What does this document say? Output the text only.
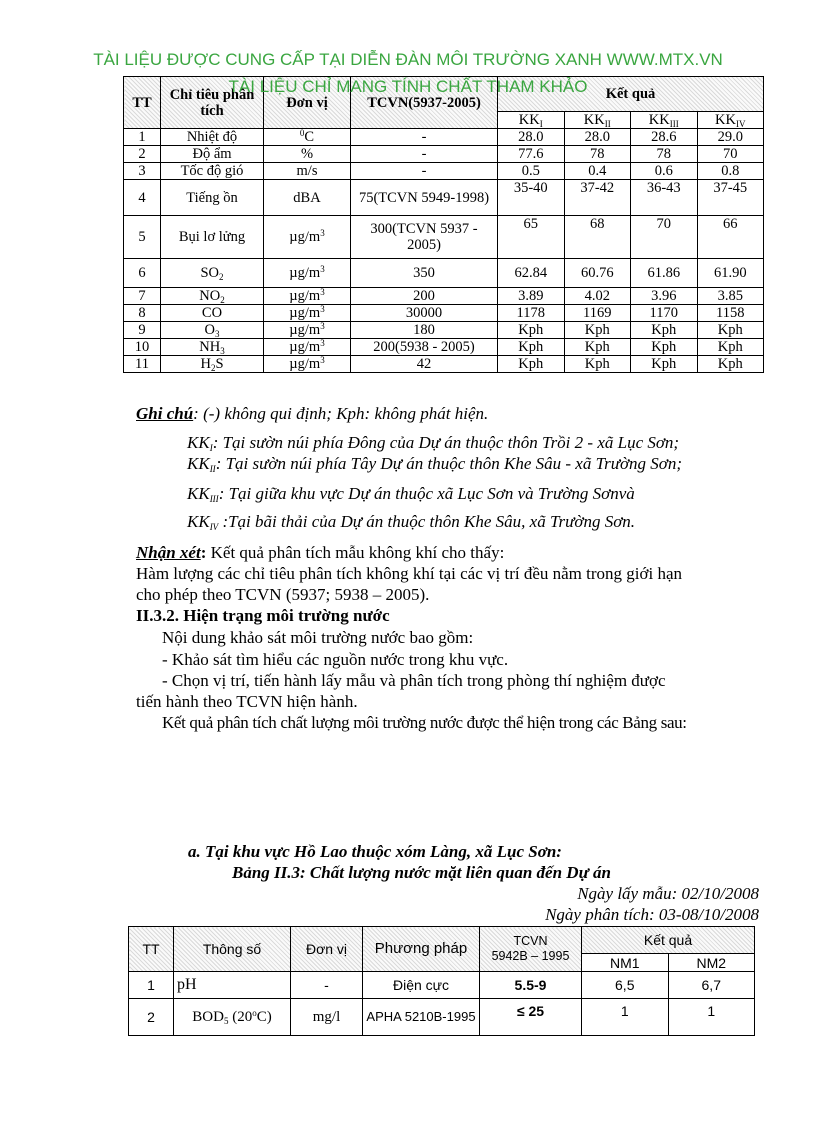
TÀI LIỆU ĐƯỢC CUNG CẤP TẠI DIỄN ĐÀN MÔI TRƯỜNG XANH WWW.MTX.VN
TÀI LIỆU CHỈ MANG TÍNH CHẤT THAM KHẢO
TT	Chỉ tiêu phân tích	Đơn vị	TCVN(5937-2005)	Kết quả			
				$KK_I$	$KK_{II}$	$KK_{III}$	$KK_{IV}$
1	Nhiệt độ	$^0$C	-	28.0	28.0	28.6	29.0
2	Độ ẩm	%	-	77.6	78	78	70
3	Tốc độ gió	m/s	-	0.5	0.4	0.6	0.8
4	Tiếng ồn	dBA	75(TCVN 5949-1998)	35-40	37-42	36-43	37-45
5	Bụi lơ lửng	$\mu g/m^3$	300(TCVN 5937 - 2005)	65	68	70	66
6	$SO_2$	$\mu g/m^3$	350	62.84	60.76	61.86	61.90
7	$NO_2$	$\mu g/m^3$	200	3.89	4.02	3.96	3.85
8	CO	$\mu g/m^3$	30000	1178	1169	1170	1158
9	$O_3$	$\mu g/m^3$	180	Kph	Kph	Kph	Kph
10	$NH_3$	$\mu g/m^3$	200(5938 - 2005)	Kph	Kph	Kph	Kph
11	$H_2S$	$\mu g/m^3$	42	Kph	Kph	Kph	Kph
Ghi chú: (-) không qui định; Kph: không phát hiện.
$KK_I$: Tại sườn núi phía Đông của Dự án thuộc thôn Trồi 2 - xã Lục Sơn;
$KK_{II}$: Tại sườn núi phía Tây Dự án thuộc thôn Khe Sâu - xã Trường Sơn;
$KK_{III}$: Tại giữa khu vực Dự án thuộc xã Lục Sơn và Trường Sơnvà
$KK_{IV}$ :Tại bãi thải của Dự án thuộc thôn Khe Sâu, xã Trường Sơn.
Nhận xét: Kết quả phân tích mẫu không khí cho thấy:
Hàm lượng các chỉ tiêu phân tích không khí tại các vị trí đều nằm trong giới hạn
cho phép theo TCVN (5937; 5938 – 2005).
II.3.2. Hiện trạng môi trường nước
Nội dung khảo sát môi trường nước bao gồm:
- Khảo sát tìm hiểu các nguồn nước trong khu vực.
- Chọn vị trí, tiến hành lấy mẫu và phân tích trong phòng thí nghiệm được
tiến hành theo TCVN hiện hành.
Kết quả phân tích chất lượng môi trường nước được thể hiện trong các Bảng sau:
a. Tại khu vực Hồ Lao thuộc xóm Làng, xã Lục Sơn:
Bảng II.3: Chất lượng nước mặt liên quan đến Dự án
Ngày lấy mẫu: 02/10/2008
Ngày phân tích: 03-08/10/2008
TT	Thông số	Đơn vị	Phương pháp	TCVN
5942B – 1995	Kết quả	
					NM1	NM2
1	pH	-	Điện cực	5.5-9	6,5	6,7
2	$BOD_5$ (20$^o$C)	mg/l	APHA 5210B-1995	≤ 25	1	1
